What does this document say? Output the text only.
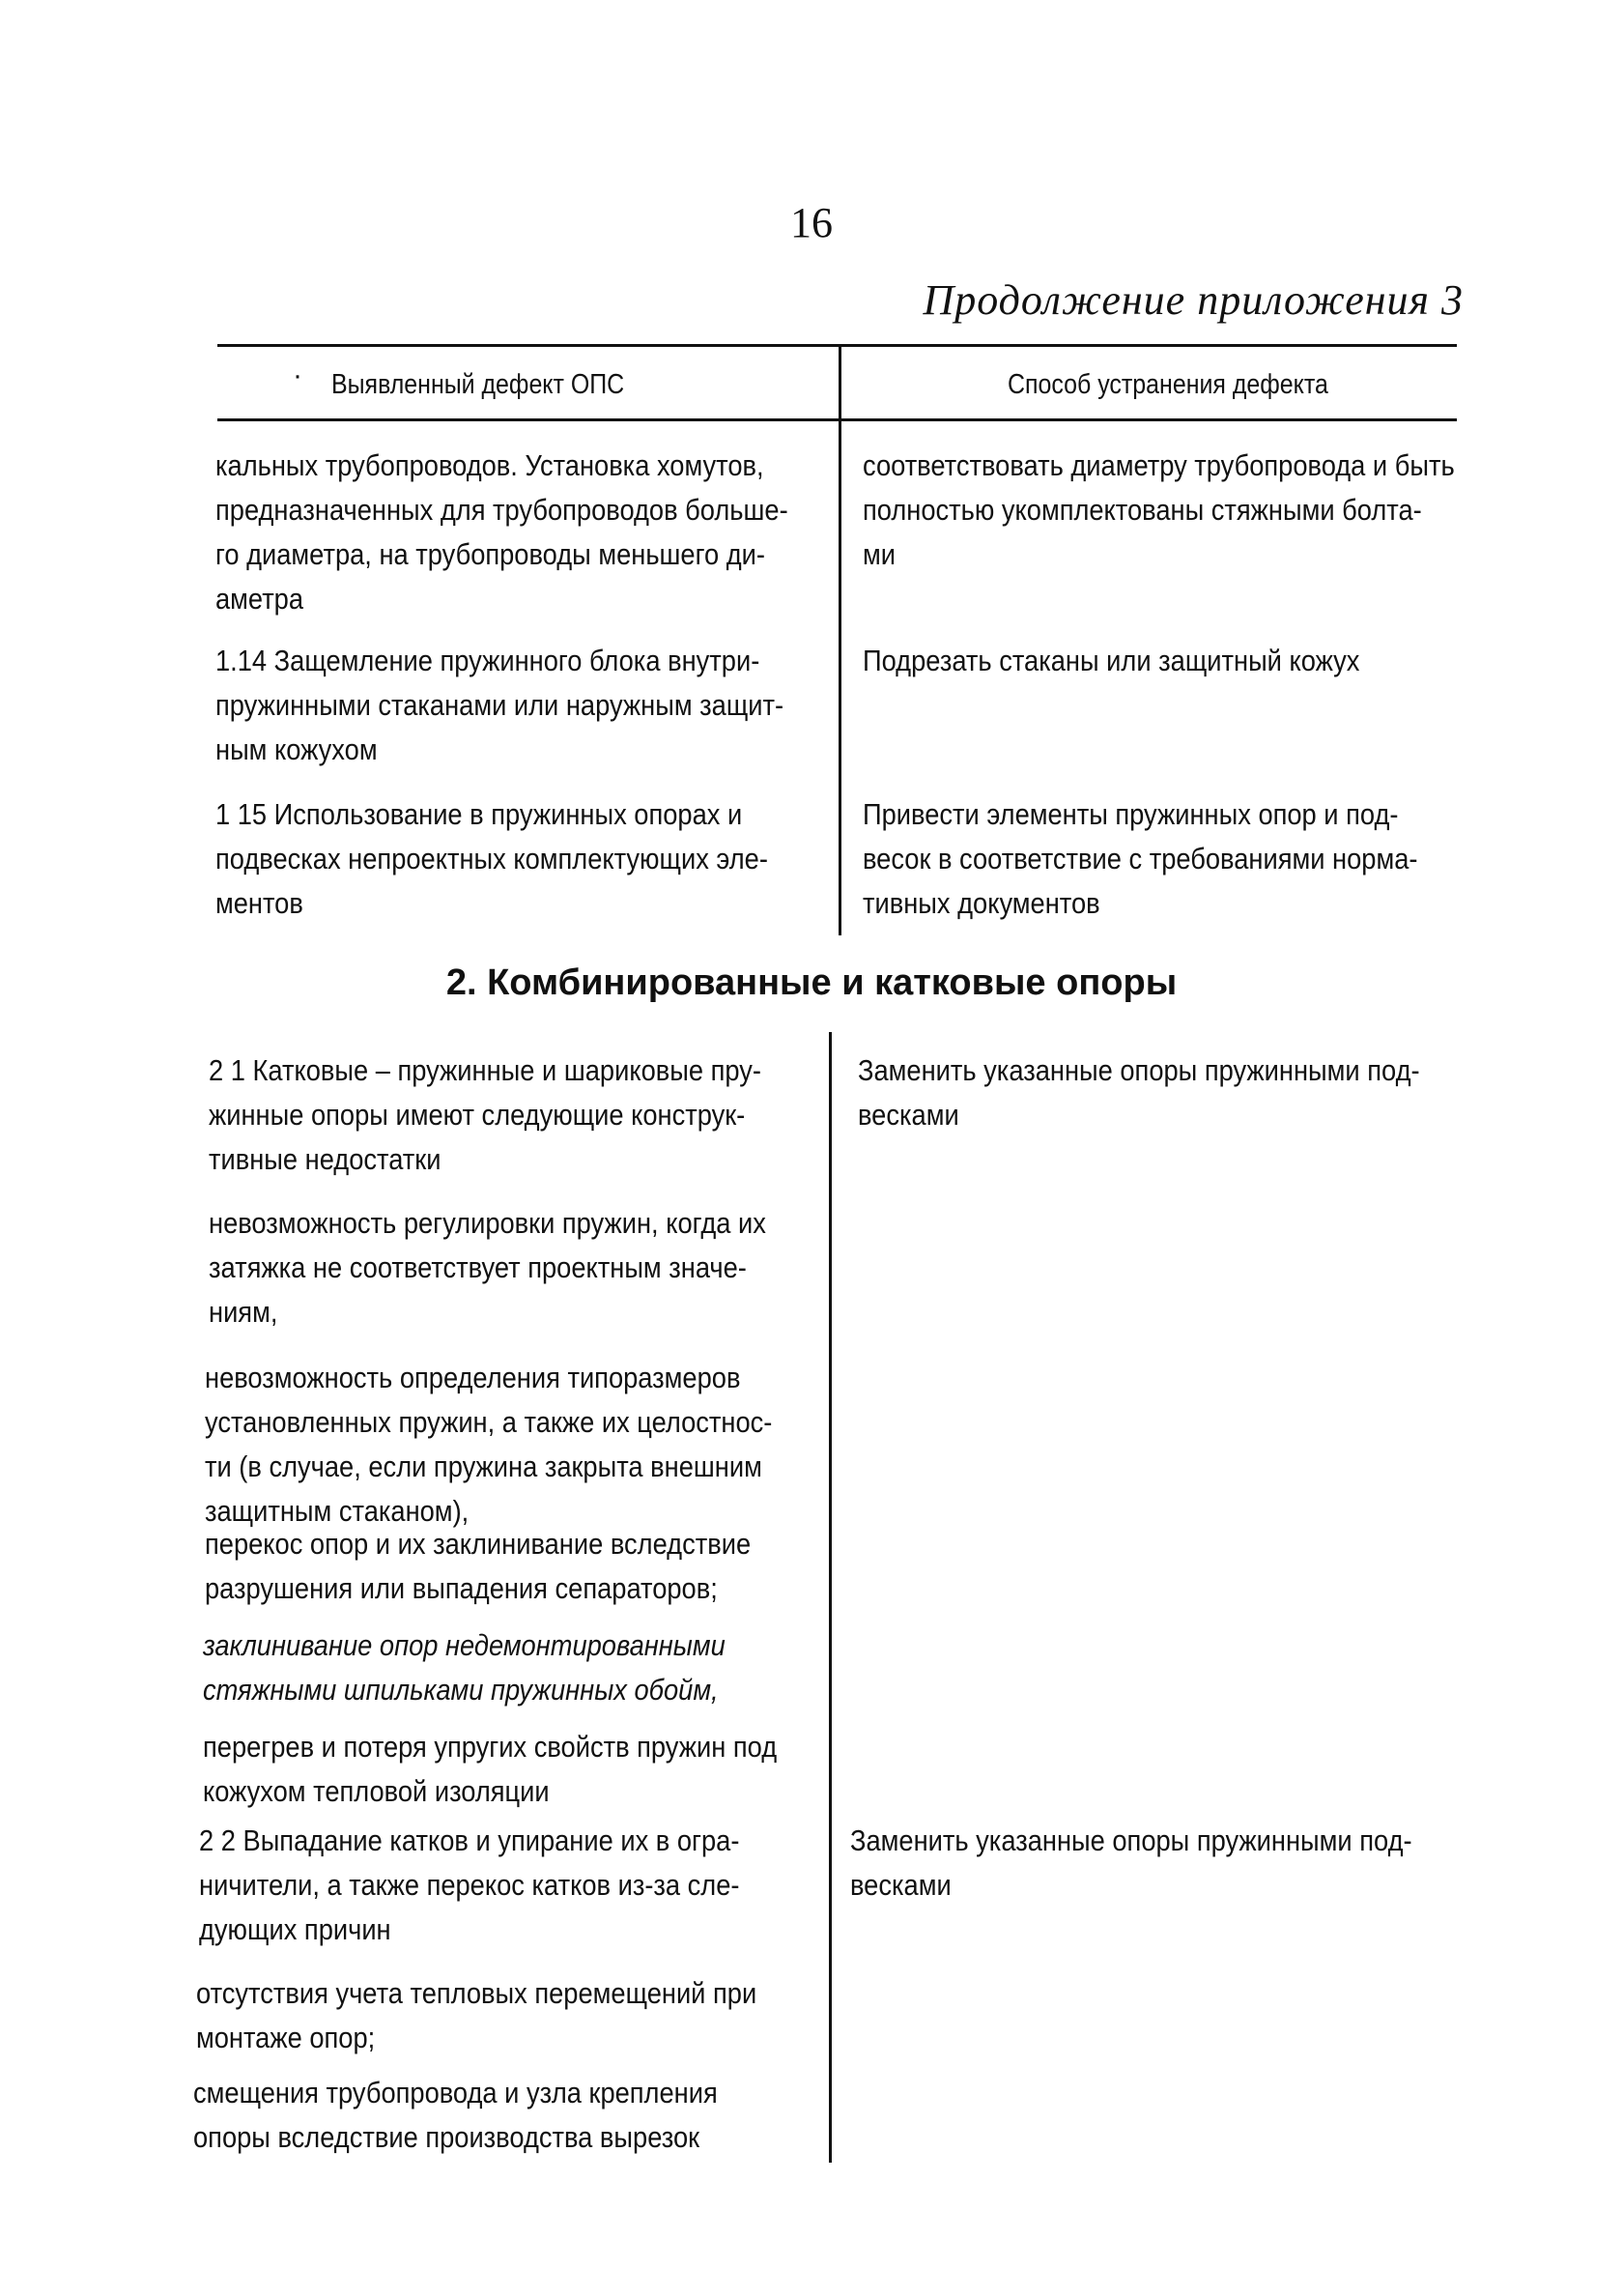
16
Продолжение приложения 3
· Выявленный дефект ОПС	Способ устранения дефекта
кальных трубопроводов. Установка хомутов,
предназначенных для трубопроводов больше-
го диаметра, на трубопроводы меньшего ди-
аметра
соответствовать диаметру трубопровода и быть
полностью укомплектованы стяжными болта-
ми
1.14 Защемление пружинного блока внутри-
пружинными стаканами или наружным защит-
ным кожухом
Подрезать стаканы или защитный кожух
1 15 Использование в пружинных опорах и
подвесках непроектных комплектующих эле-
ментов
Привести элементы пружинных опор и под-
весок в соответствие с требованиями норма-
тивных документов
2. Комбинированные и катковые опоры
2 1 Катковые – пружинные и шариковые пру-
жинные опоры имеют следующие конструк-
тивные недостатки
Заменить указанные опоры пружинными под-
весками
невозможность регулировки пружин, когда их
затяжка не соответствует проектным значе-
ниям,
невозможность определения типоразмеров
установленных пружин, а также их целостнос-
ти (в случае, если пружина закрыта внешним
защитным стаканом),
перекос опор и их заклинивание вследствие
разрушения или выпадения сепараторов;
заклинивание опор недемонтированными
стяжными шпильками пружинных обойм,
перегрев и потеря упругих свойств пружин под
кожухом тепловой изоляции
2 2 Выпадание катков и упирание их в огра-
ничители, а также перекос катков из-за сле-
дующих причин
Заменить указанные опоры пружинными под-
весками
отсутствия учета тепловых перемещений при
монтаже опор;
смещения трубопровода и узла крепления
опоры вследствие производства вырезок
